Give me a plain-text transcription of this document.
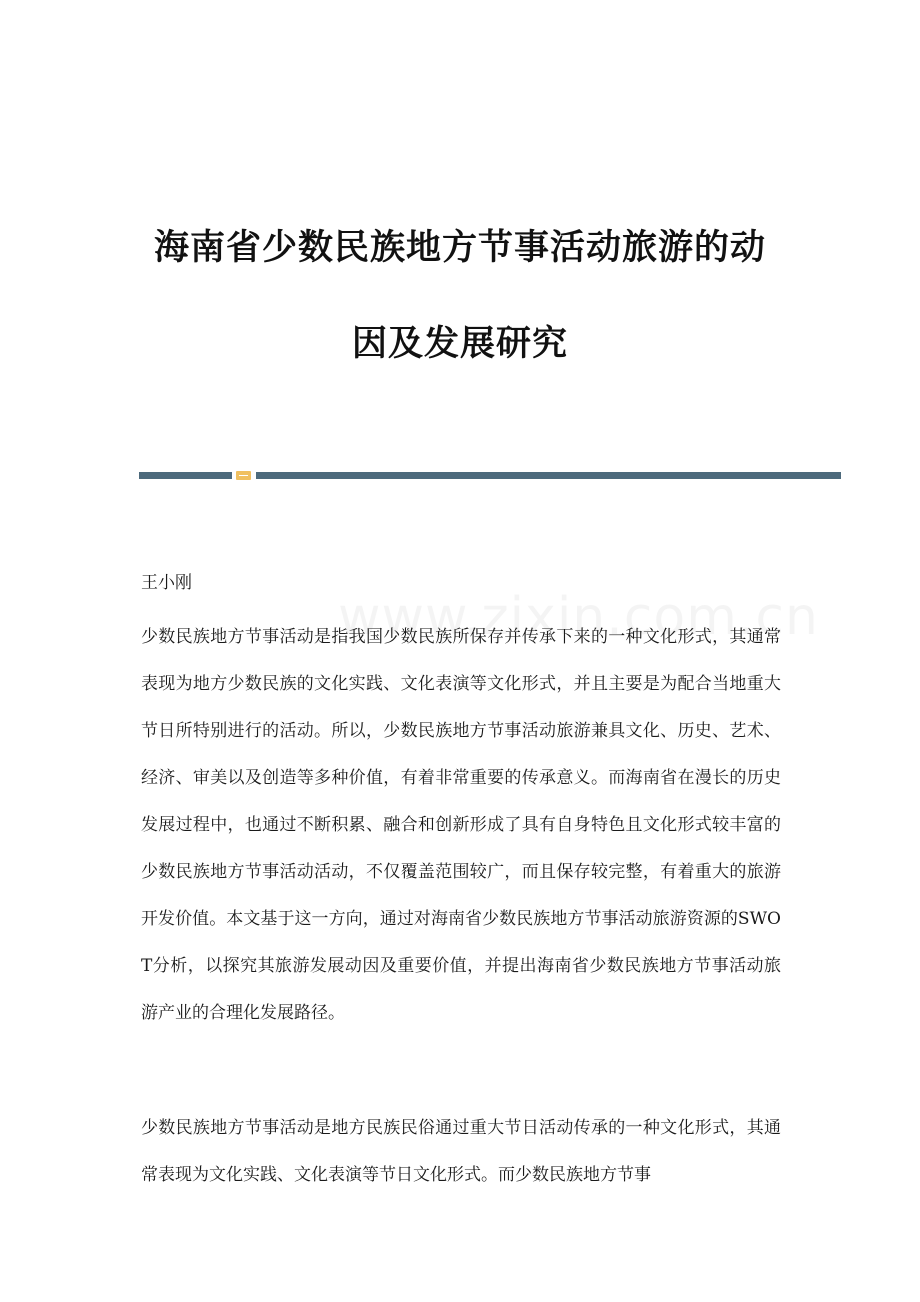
海南省少数民族地方节事活动旅游的动
因及发展研究
王小刚

少数民族地方节事活动是指我国少数民族所保存并传承下来的一种文化形式，其通常表现为地方少数民族的文化实践、文化表演等文化形式，并且主要是为配合当地重大节日所特别进行的活动。所以，少数民族地方节事活动旅游兼具文化、历史、艺术、经济、审美以及创造等多种价值，有着非常重要的传承意义。而海南省在漫长的历史发展过程中，也通过不断积累、融合和创新形成了具有自身特色且文化形式较丰富的少数民族地方节事活动活动，不仅覆盖范围较广，而且保存较完整，有着重大的旅游开发价值。本文基于这一方向，通过对海南省少数民族地方节事活动旅游资源的SWOT分析，以探究其旅游发展动因及重要价值，并提出海南省少数民族地方节事活动旅游产业的合理化发展路径。

少数民族地方节事活动是地方民族民俗通过重大节日活动传承的一种文化形式，其通常表现为文化实践、文化表演等节日文化形式。而少数民族地方节事
